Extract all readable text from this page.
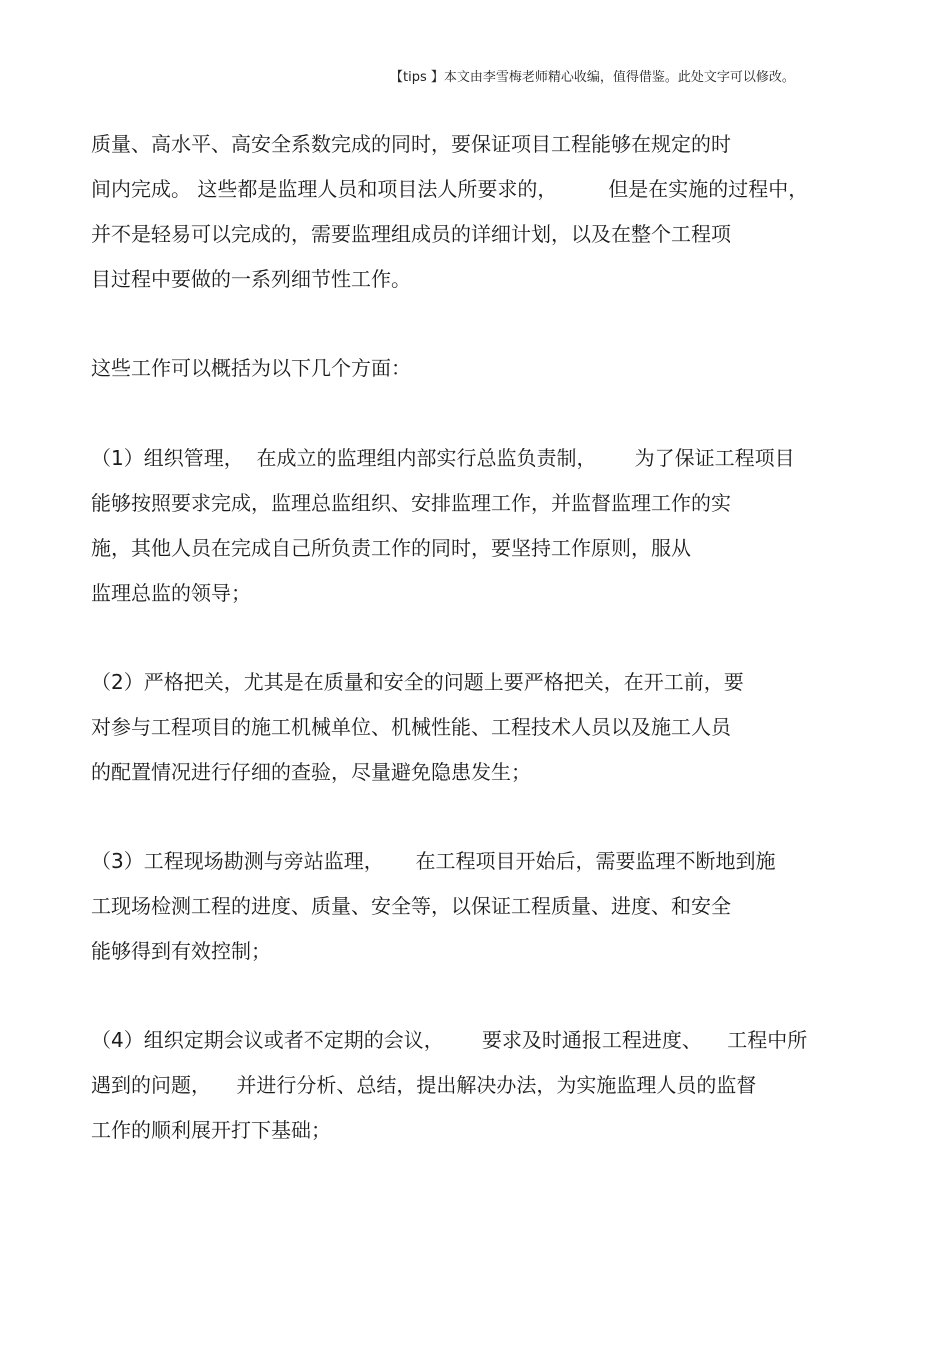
【tips 】本文由李雪梅老师精心收编，值得借鉴。此处文字可以修改。
质量、高水平、高安全系数完成的同时，要保证项目工程能够在规定的时
间内完成。 这些都是监理人员和项目法人所要求的，        但是在实施的过程中，
并不是轻易可以完成的，需要监理组成员的详细计划，以及在整个工程项
目过程中要做的一系列细节性工作。
这些工作可以概括为以下几个方面：
（1）组织管理，  在成立的监理组内部实行总监负责制，      为了保证工程项目
能够按照要求完成，监理总监组织、安排监理工作，并监督监理工作的实
施，其他人员在完成自己所负责工作的同时，要坚持工作原则，服从
监理总监的领导；
（2）严格把关，尤其是在质量和安全的问题上要严格把关，在开工前，要
对参与工程项目的施工机械单位、机械性能、工程技术人员以及施工人员
的配置情况进行仔细的查验，尽量避免隐患发生；
（3）工程现场勘测与旁站监理，     在工程项目开始后，需要监理不断地到施
工现场检测工程的进度、质量、安全等，以保证工程质量、进度、和安全
能够得到有效控制；
（4）组织定期会议或者不定期的会议，      要求及时通报工程进度、    工程中所
遇到的问题，    并进行分析、总结，提出解决办法，为实施监理人员的监督
工作的顺利展开打下基础；
